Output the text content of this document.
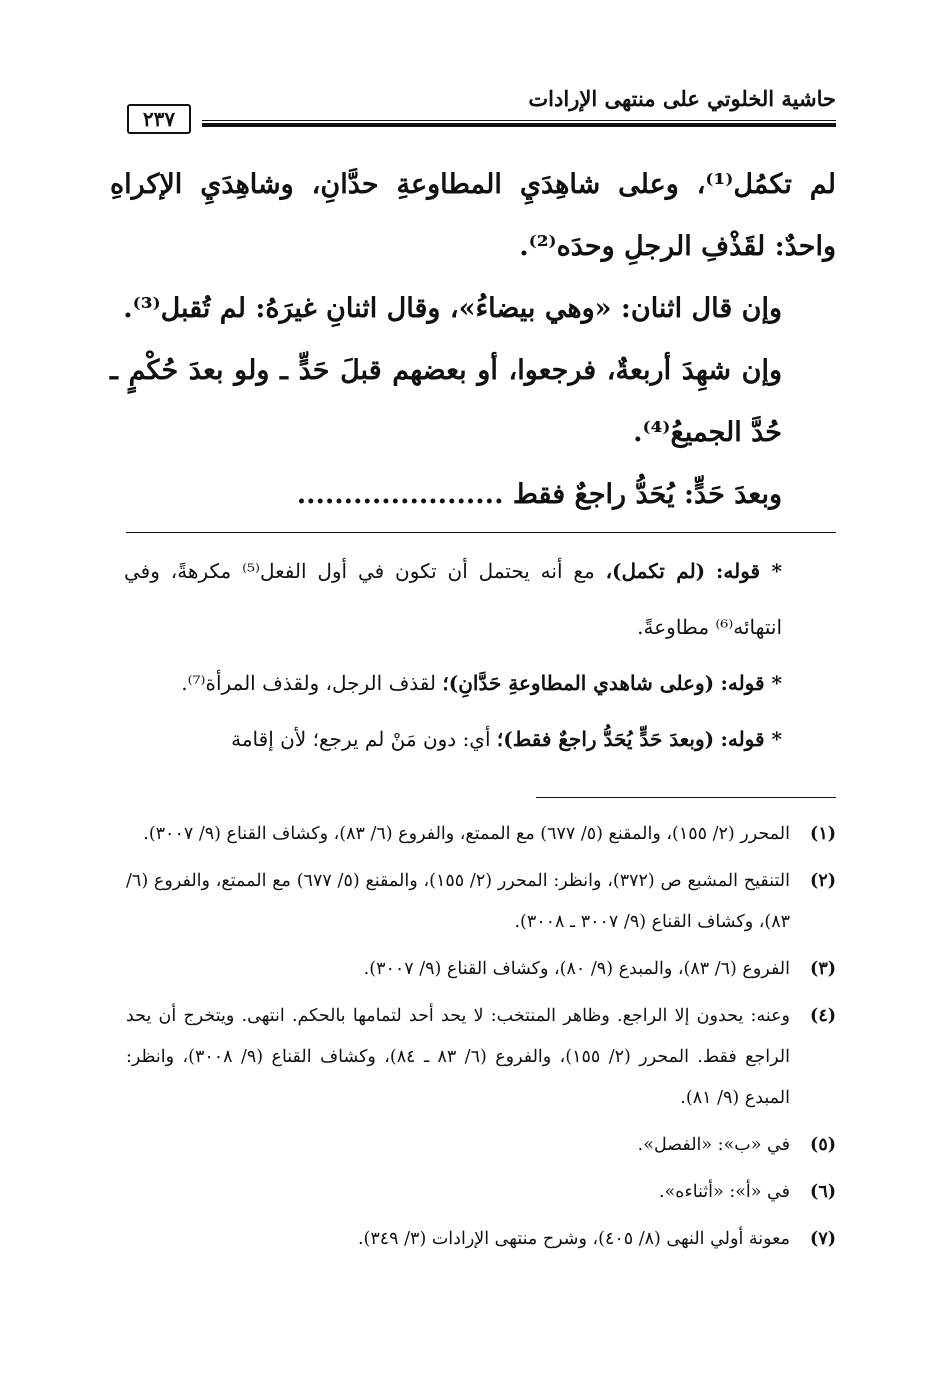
حاشية الخلوتي على منتهى الإرادات
٢٣٧

لم تكمُل⁽¹⁾، وعلى شاهِدَيِ المطاوعةِ حدَّانِ، وشاهِدَيِ الإكراهِ واحدٌ: لقَذْفِ الرجلِ وحدَه⁽²⁾.

وإن قال اثنان: «وهي بيضاءُ»، وقال اثنانِ غيرَهُ: لم تُقبل⁽³⁾.

وإن شهِدَ أربعةٌ، فرجعوا، أو بعضهم قبلَ حَدٍّ ـ ولو بعدَ حُكْمٍ ـ حُدَّ الجميعُ⁽⁴⁾.

وبعدَ حَدٍّ: يُحَدُّ راجعٌ فقط ......................

* قوله: (لم تكمل)، مع أنه يحتمل أن تكون في أول الفعل⁽⁵⁾ مكرهةً، وفي انتهائه⁽⁶⁾ مطاوعةً.

* قوله: (وعلى شاهدي المطاوعةِ حَدَّانِ)؛ لقذف الرجل، ولقذف المرأة⁽⁷⁾.

* قوله: (وبعدَ حَدٍّ يُحَدُّ راجعٌ فقط)؛ أي: دون مَنْ لم يرجع؛ لأن إقامة

(١)
المحرر (٢/ ١٥٥)، والمقنع (٥/ ٦٧٧) مع الممتع، والفروع (٦/ ٨٣)، وكشاف القناع (٩/ ٣٠٠٧).
(٢)
التنقيح المشبع ص (٣٧٢)، وانظر: المحرر (٢/ ١٥٥)، والمقنع (٥/ ٦٧٧) مع الممتع، والفروع (٦/ ٨٣)، وكشاف القناع (٩/ ٣٠٠٧ ـ ٣٠٠٨).
(٣)
الفروع (٦/ ٨٣)، والمبدع (٩/ ٨٠)، وكشاف القناع (٩/ ٣٠٠٧).
(٤)
وعنه: يحدون إلا الراجع. وظاهر المنتخب: لا يحد أحد لتمامها بالحكم. انتهى. ويتخرج أن يحد الراجع فقط. المحرر (٢/ ١٥٥)، والفروع (٦/ ٨٣ ـ ٨٤)، وكشاف القناع (٩/ ٣٠٠٨)، وانظر: المبدع (٩/ ٨١).
(٥)
في «ب»: «الفصل».
(٦)
في «أ»: «أثناءه».
(٧)
معونة أولي النهى (٨/ ٤٠٥)، وشرح منتهى الإرادات (٣/ ٣٤٩).
